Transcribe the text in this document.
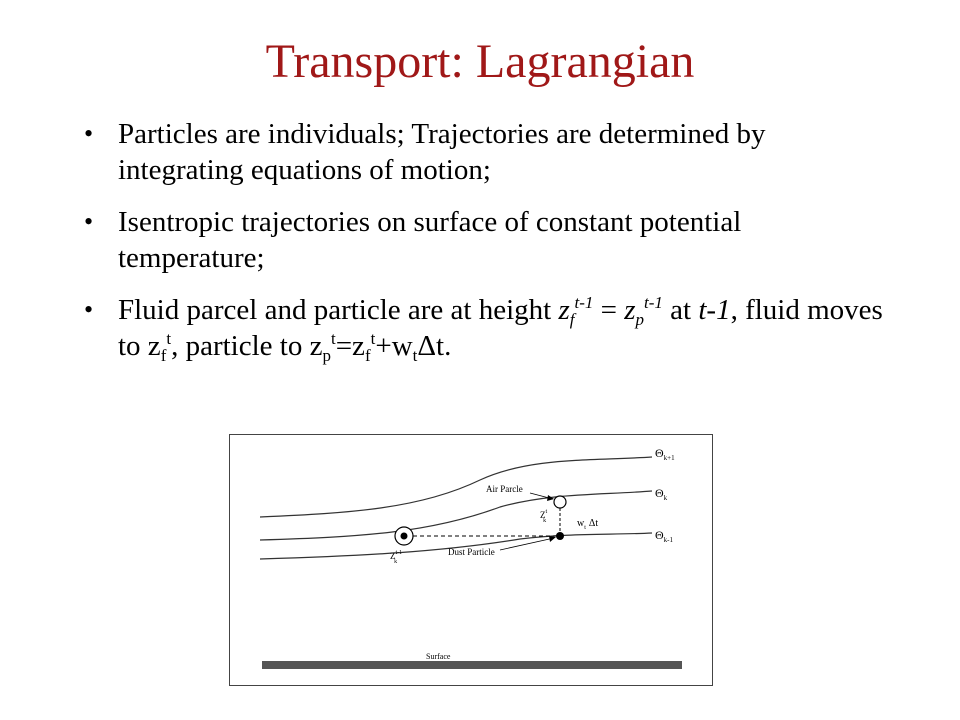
Transport: Lagrangian
• Particles are individuals; Trajectories are determined by integrating equations of motion;
• Isentropic trajectories on surface of constant potential temperature;
• Fluid parcel and particle are at height $z_f^{t-1} = z_p^{t-1}$ at t-1, fluid moves to $z_f^t$, particle to $z_p^t=z_f^t+w_t\Delta t$.
$\Theta_{k+1}$
$\Theta_k$
$\Theta_{k-1}$
$Z^{t-1}$ k
$Z^t$ k	$w_t$ Δt
Air Parcle
Dust Particle
Surface
